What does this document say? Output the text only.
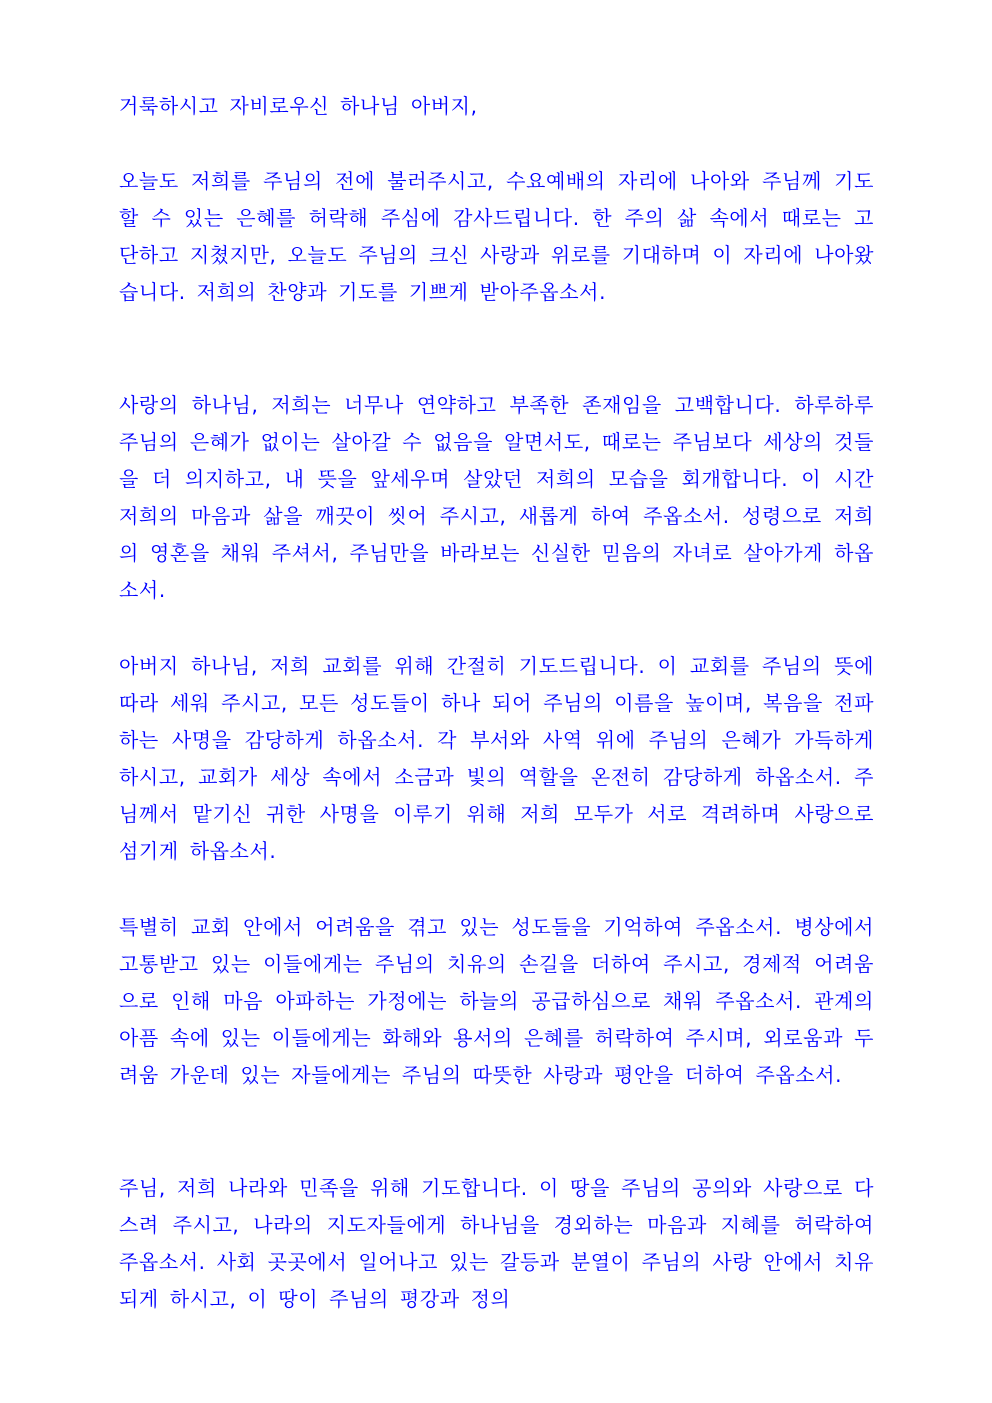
거룩하시고 자비로우신 하나님 아버지,

오늘도 저희를 주님의 전에 불러주시고, 수요예배의 자리에 나아와 주님께 기도할 수 있는 은혜를 허락해 주심에 감사드립니다. 한 주의 삶 속에서 때로는 고단하고 지쳤지만, 오늘도 주님의 크신 사랑과 위로를 기대하며 이 자리에 나아왔습니다. 저희의 찬양과 기도를 기쁘게 받아주옵소서.

사랑의 하나님, 저희는 너무나 연약하고 부족한 존재임을 고백합니다. 하루하루 주님의 은혜가 없이는 살아갈 수 없음을 알면서도, 때로는 주님보다 세상의 것들을 더 의지하고, 내 뜻을 앞세우며 살았던 저희의 모습을 회개합니다. 이 시간 저희의 마음과 삶을 깨끗이 씻어 주시고, 새롭게 하여 주옵소서. 성령으로 저희의 영혼을 채워 주셔서, 주님만을 바라보는 신실한 믿음의 자녀로 살아가게 하옵소서.

아버지 하나님, 저희 교회를 위해 간절히 기도드립니다. 이 교회를 주님의 뜻에 따라 세워 주시고, 모든 성도들이 하나 되어 주님의 이름을 높이며, 복음을 전파하는 사명을 감당하게 하옵소서. 각 부서와 사역 위에 주님의 은혜가 가득하게 하시고, 교회가 세상 속에서 소금과 빛의 역할을 온전히 감당하게 하옵소서. 주님께서 맡기신 귀한 사명을 이루기 위해 저희 모두가 서로 격려하며 사랑으로 섬기게 하옵소서.

특별히 교회 안에서 어려움을 겪고 있는 성도들을 기억하여 주옵소서. 병상에서 고통받고 있는 이들에게는 주님의 치유의 손길을 더하여 주시고, 경제적 어려움으로 인해 마음 아파하는 가정에는 하늘의 공급하심으로 채워 주옵소서. 관계의 아픔 속에 있는 이들에게는 화해와 용서의 은혜를 허락하여 주시며, 외로움과 두려움 가운데 있는 자들에게는 주님의 따뜻한 사랑과 평안을 더하여 주옵소서.

주님, 저희 나라와 민족을 위해 기도합니다. 이 땅을 주님의 공의와 사랑으로 다스려 주시고, 나라의 지도자들에게 하나님을 경외하는 마음과 지혜를 허락하여 주옵소서. 사회 곳곳에서 일어나고 있는 갈등과 분열이 주님의 사랑 안에서 치유되게 하시고, 이 땅이 주님의 평강과 정의
